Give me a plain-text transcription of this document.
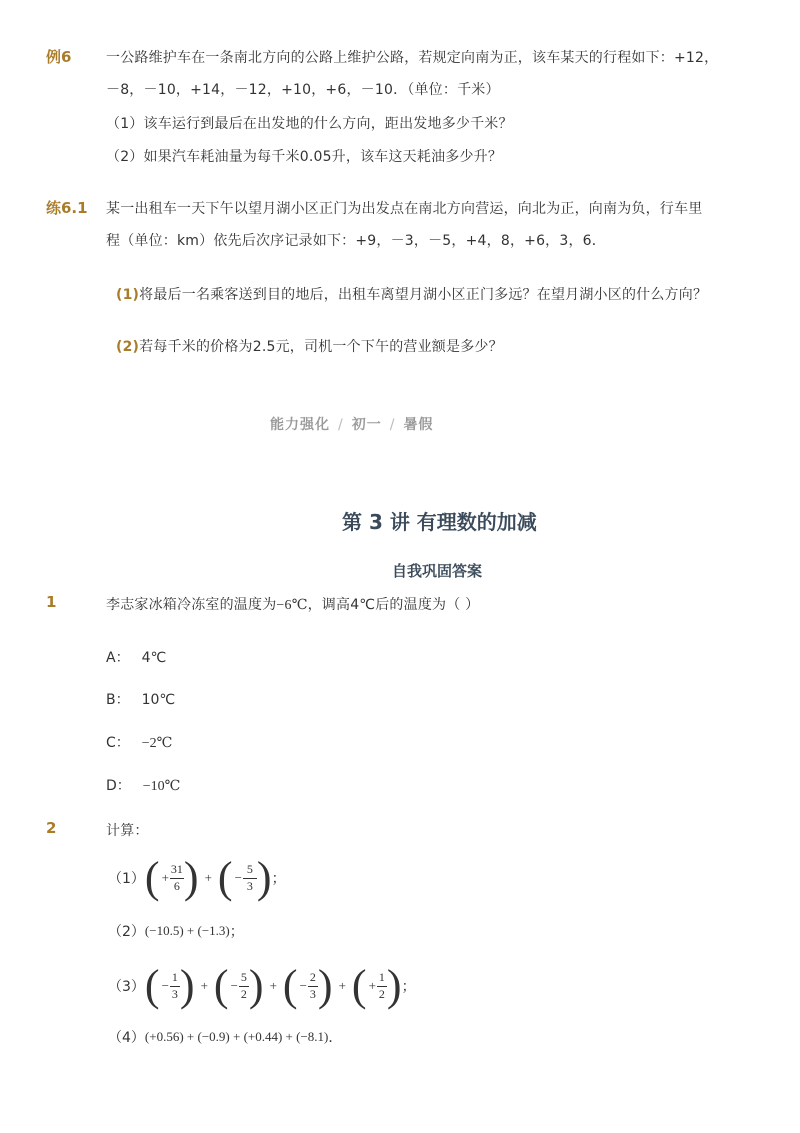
例6 一公路维护车在一条南北方向的公路上维护公路，若规定向南为正，该车某天的行程如下：+12，
－8，－10，+14，－12，+10，+6，－10．（单位：千米）
（1）该车运行到最后在出发地的什么方向，距出发地多少千米？
（2）如果汽车耗油量为每千米0.05升，该车这天耗油多少升？
练6.1 某一出租车一天下午以望月湖小区正门为出发点在南北方向营运，向北为正，向南为负，行车里
程（单位：km）依先后次序记录如下：+9，－3，－5，+4，8，+6，3，6．
(1)将最后一名乘客送到目的地后，出租车离望月湖小区正门多远？在望月湖小区的什么方向？
(2)若每千米的价格为2.5元，司机一个下午的营业额是多少？
能力强化 / 初一 / 暑假
第 3 讲 有理数的加减
自我巩固答案
1	李志家冰箱冷冻室的温度为−6℃，调高4℃后的温度为（ ）
A： 4℃
B： 10℃
C： −2℃
D： −10℃
2	计算：
（1） ( + $\frac{31}{6}$ ) + ( − $\frac{5}{3}$ ) ；
（2） (−10.5) + (−1.3) ；
（3） ( − $\frac{1}{3}$ ) + ( − $\frac{5}{2}$ ) + ( − $\frac{2}{3}$ ) + ( + $\frac{1}{2}$ ) ；
（4） (+0.56) + (−0.9) + (+0.44) + (−8.1) ．
